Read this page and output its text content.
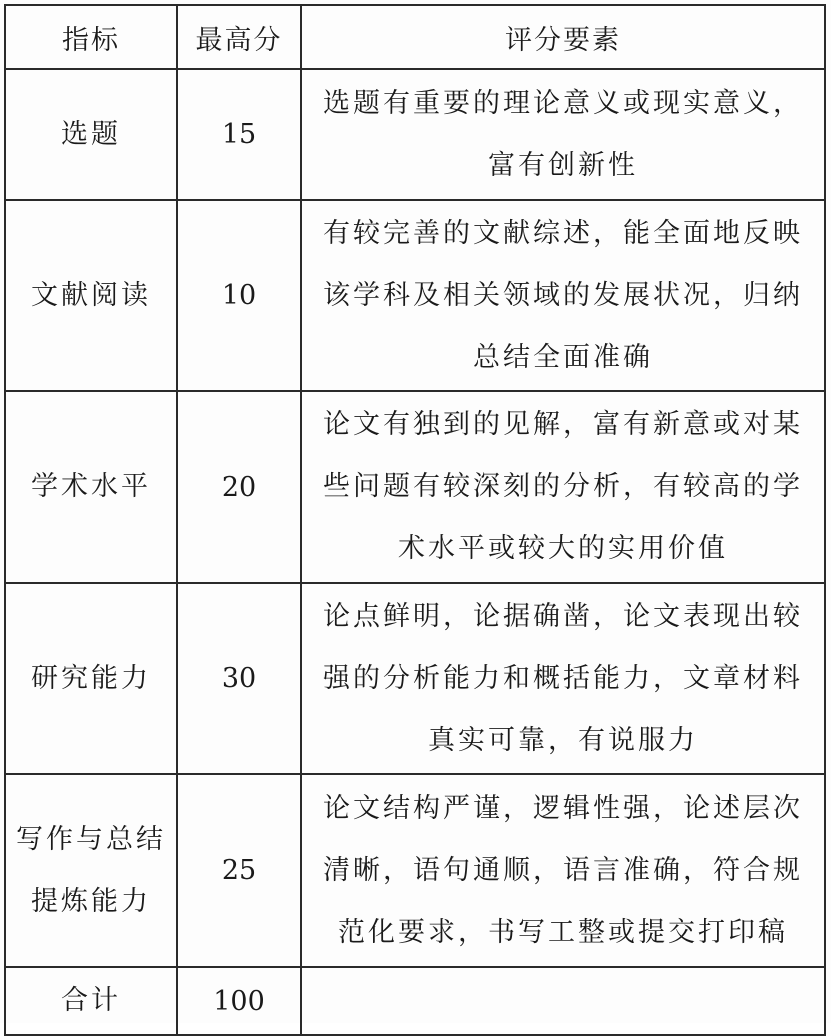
指标	最高分	评分要素
选题	15	选题有重要的理论意义或现实意义，
富有创新性

文献阅读	10	有较完善的文献综述，能全面地反映
该学科及相关领域的发展状况，归纳
总结全面准确

学术水平	20	论文有独到的见解，富有新意或对某
些问题有较深刻的分析，有较高的学
术水平或较大的实用价值

研究能力	30	论点鲜明，论据确凿，论文表现出较
强的分析能力和概括能力，文章材料
真实可靠，有说服力

写作与总结
提炼能力	25	论文结构严谨，逻辑性强，论述层次
清晰，语句通顺，语言准确，符合规
范化要求，书写工整或提交打印稿

合计	100	
